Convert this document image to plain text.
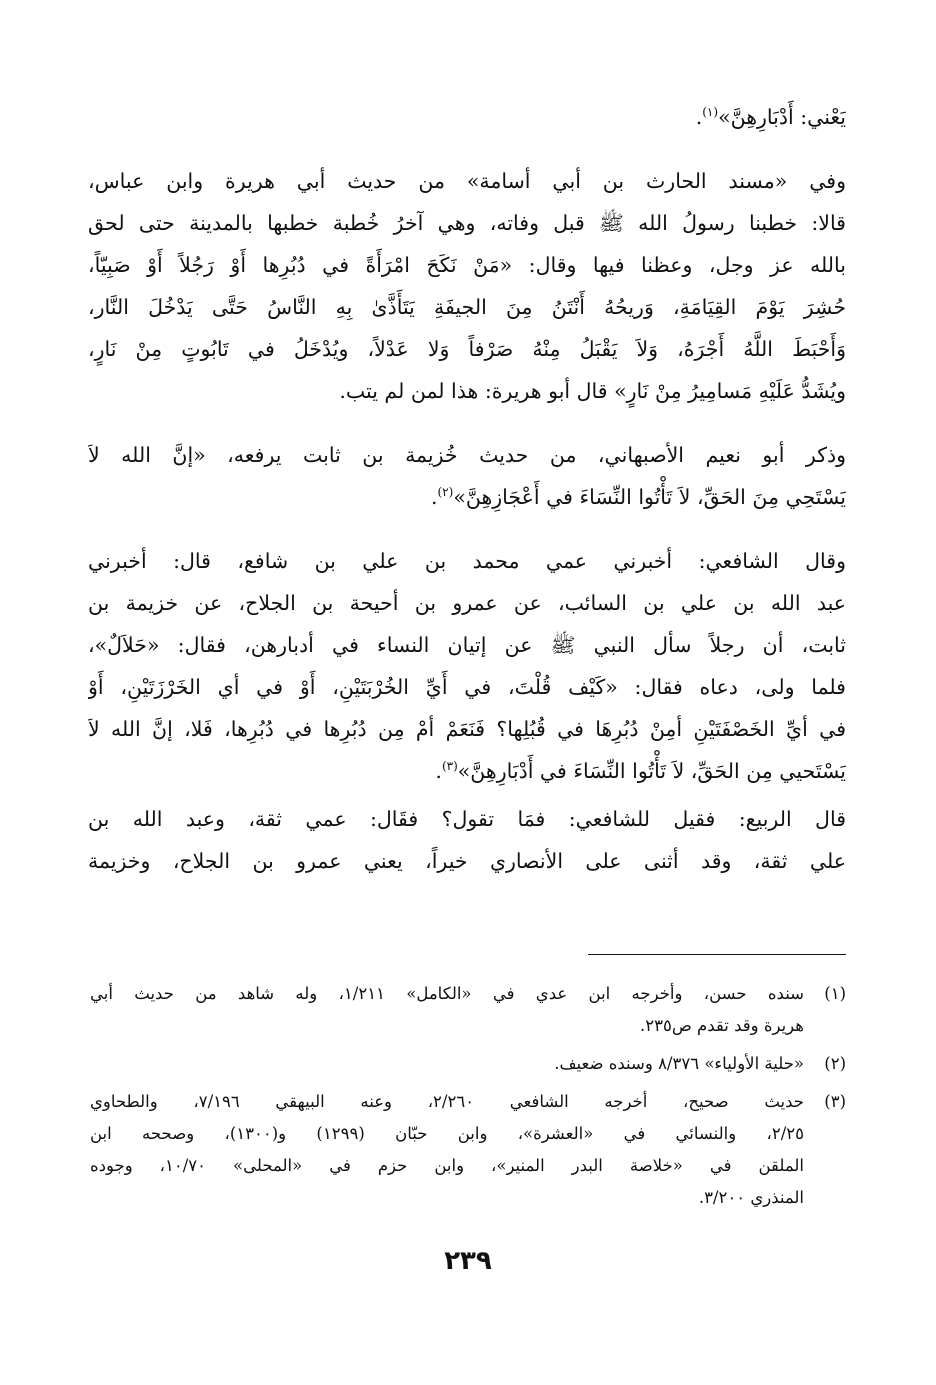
يَعْني: أَدْبَارِهِنَّ»$^{(١)}$.
وفي «مسند الحارث بن أبي أسامة» من حديث أبي هريرة وابن عباس،
قالا: خطبنا رسولُ الله ﷺ قبل وفاته، وهي آخرُ خُطبة خطبها بالمدينة حتى لحق
بالله عز وجل، وعظنا فيها وقال: «مَنْ نَكَحَ امْرَأَةً في دُبُرِها أَوْ رَجُلاً أَوْ صَبِيّاً،
حُشِرَ يَوْمَ القِيَامَةِ، وَريحُهُ أَنْتَنُ مِنَ الجيفَةِ يَتَأَذَّىٰ بِهِ النَّاسُ حَتَّى يَدْخُلَ النَّار،
وَأَحْبَطَ اللَّهُ أَجْرَهُ، وَلاَ يَقْبَلُ مِنْهُ صَرْفاً وَلا عَدْلاً، ويُدْخَلُ في تَابُوتٍ مِنْ نَارٍ،
ويُشَدُّ عَلَيْهِ مَسامِيرُ مِنْ نَارٍ» قال أبو هريرة: هذا لمن لم يتب.
وذكر أبو نعيم الأصبهاني، من حديث خُزيمة بن ثابت يرفعه، «إنَّ الله لاَ
يَسْتَحِي مِنَ الحَقِّ، لاَ تَأْتُوا النِّسَاءَ في أَعْجَازِهِنَّ»$^{(٢)}$.
وقال الشافعي: أخبرني عمي محمد بن علي بن شافع، قال: أخبرني
عبد الله بن علي بن السائب، عن عمرو بن أحيحة بن الجلاح، عن خزيمة بن
ثابت، أن رجلاً سأل النبي ﷺ عن إتيان النساء في أدبارهن، فقال: «حَلاَلٌ»،
فلما ولى، دعاه فقال: «كَيْف قُلْتَ، في أَيِّ الخُرْبَتَيْنِ، أَوْ في أي الخَرْزَتَيْنِ، أَوْ
في أيِّ الخَصْفَتَيْنِ أمِنْ دُبُرِهَا في قُبُلِها؟ فَنَعَمْ أمْ مِن دُبُرِها في دُبُرِها، فَلا، إنَّ الله لاَ
يَسْتَحيي مِن الحَقِّ، لاَ تَأْتُوا النِّسَاءَ في أَدْبَارِهِنَّ»$^{(٣)}$.
قال الربيع: فقيل للشافعي: فمَا تقول؟ فقَال: عمي ثقة، وعبد الله بن
علي ثقة، وقد أثنى على الأنصاري خيراً، يعني عمرو بن الجلاح، وخزيمة
(١)
سنده حسن، وأخرجه ابن عدي في «الكامل» ١/٢١١، وله شاهد من حديث أبي
هريرة وقد تقدم ص٢٣٥.
(٢)
«حلية الأولياء» ٨/٣٧٦ وسنده ضعيف.
(٣)
حديث صحيح، أخرجه الشافعي ٢/٢٦٠، وعنه البيهقي ٧/١٩٦، والطحاوي
٢/٢٥، والنسائي في «العشرة»، وابن حبّان (١٢٩٩) و(١٣٠٠)، وصححه ابن
الملقن في «خلاصة البدر المنير»، وابن حزم في «المحلى» ١٠/٧٠، وجوده
المنذري ٣/٢٠٠.
٢٣٩
